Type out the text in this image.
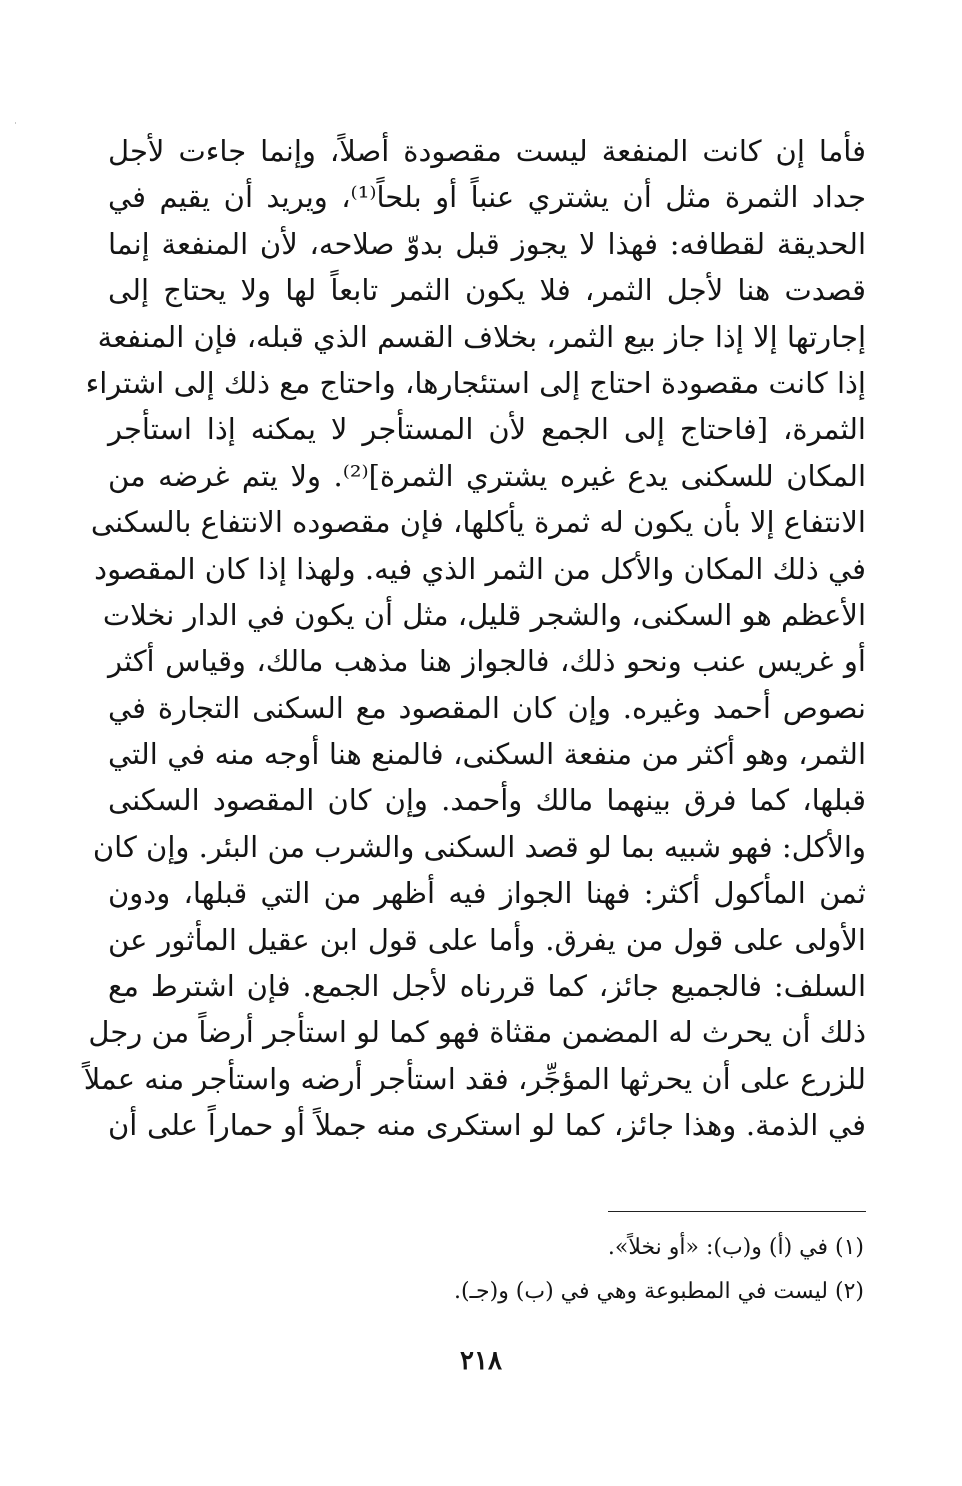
فأما إن كانت المنفعة ليست مقصودة أصلاً، وإنما جاءت لأجل
جداد الثمرة مثل أن يشتري عنباً أو بلحاً⁽¹⁾، ويريد أن يقيم في
الحديقة لقطافه: فهذا لا يجوز قبل بدوّ صلاحه، لأن المنفعة إنما
قصدت هنا لأجل الثمر، فلا يكون الثمر تابعاً لها ولا يحتاج إلى
إجارتها إلا إذا جاز بيع الثمر، بخلاف القسم الذي قبله، فإن المنفعة
إذا كانت مقصودة احتاج إلى استئجارها، واحتاج مع ذلك إلى اشتراء
الثمرة، [فاحتاج إلى الجمع لأن المستأجر لا يمكنه إذا استأجر
المكان للسكنى يدع غيره يشتري الثمرة]⁽²⁾. ولا يتم غرضه من
الانتفاع إلا بأن يكون له ثمرة يأكلها، فإن مقصوده الانتفاع بالسكنى
في ذلك المكان والأكل من الثمر الذي فيه. ولهذا إذا كان المقصود
الأعظم هو السكنى، والشجر قليل، مثل أن يكون في الدار نخلات
أو غريس عنب ونحو ذلك، فالجواز هنا مذهب مالك، وقياس أكثر
نصوص أحمد وغيره. وإن كان المقصود مع السكنى التجارة في
الثمر، وهو أكثر من منفعة السكنى، فالمنع هنا أوجه منه في التي
قبلها، كما فرق بينهما مالك وأحمد. وإن كان المقصود السكنى
والأكل: فهو شبيه بما لو قصد السكنى والشرب من البئر. وإن كان
ثمن المأكول أكثر: فهنا الجواز فيه أظهر من التي قبلها، ودون
الأولى على قول من يفرق. وأما على قول ابن عقيل المأثور عن
السلف: فالجميع جائز، كما قررناه لأجل الجمع. فإن اشترط مع
ذلك أن يحرث له المضمن مقثاة فهو كما لو استأجر أرضاً من رجل
للزرع على أن يحرثها المؤجِّر، فقد استأجر أرضه واستأجر منه عملاً
في الذمة. وهذا جائز، كما لو استكرى منه جملاً أو حماراً على أن
(١) في (أ) و(ب): «أو نخلاً».
(٢) ليست في المطبوعة وهي في (ب) و(جـ).
٢١٨
